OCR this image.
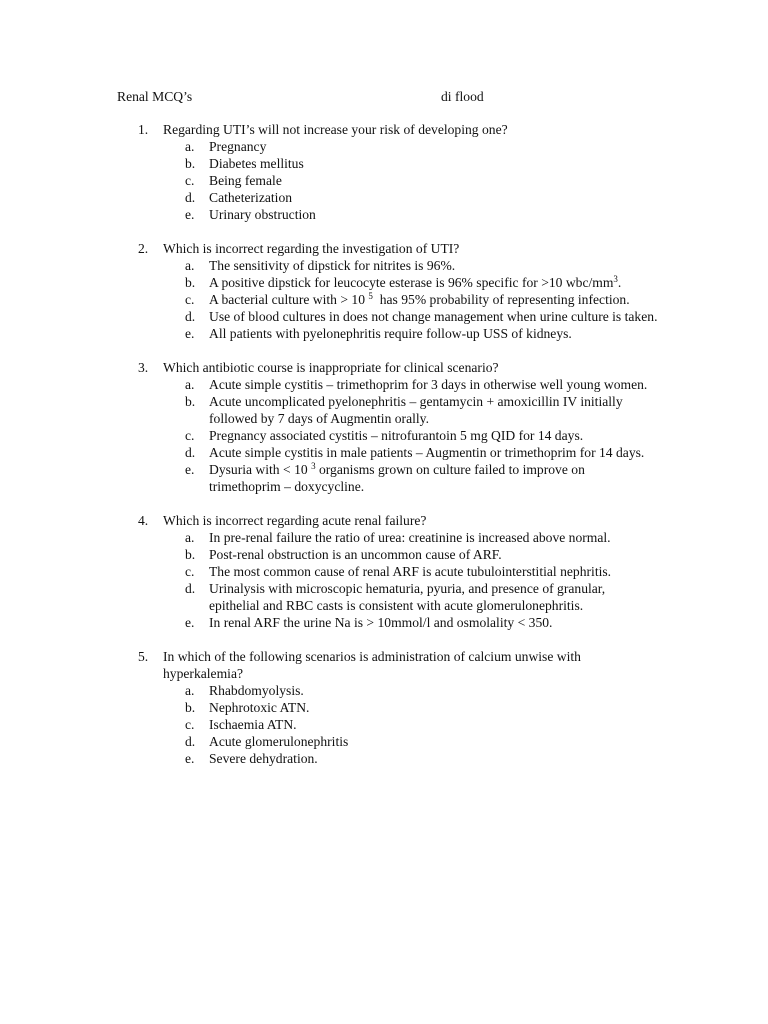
Renal MCQ’s	di flood
1. Regarding UTI’s will not increase your risk of developing one?
a. Pregnancy
b. Diabetes mellitus
c. Being female
d. Catheterization
e. Urinary obstruction
2. Which is incorrect regarding the investigation of UTI?
a. The sensitivity of dipstick for nitrites is 96%.
b. A positive dipstick for leucocyte esterase is 96% specific for >10 wbc/$mm^3$.
c. A bacterial culture with > 10 $^5$  has 95% probability of representing infection.
d. Use of blood cultures in does not change management when urine culture is taken.
e. All patients with pyelonephritis require follow-up USS of kidneys.
3. Which antibiotic course is inappropriate for clinical scenario?
a. Acute simple cystitis – trimethoprim for 3 days in otherwise well young women.
b. Acute uncomplicated pyelonephritis – gentamycin + amoxicillin IV initially followed by 7 days of Augmentin orally.
c. Pregnancy associated cystitis – nitrofurantoin 5 mg QID for 14 days.
d. Acute simple cystitis in male patients – Augmentin or trimethoprim for 14 days.
e. Dysuria with < 10 $^3$ organisms grown on culture failed to improve on trimethoprim – doxycycline.
4. Which is incorrect regarding acute renal failure?
a. In pre-renal failure the ratio of urea: creatinine is increased above normal.
b. Post-renal obstruction is an uncommon cause of ARF.
c. The most common cause of renal ARF is acute tubulointerstitial nephritis.
d. Urinalysis with microscopic hematuria, pyuria, and presence of granular, epithelial and RBC casts is consistent with acute glomerulonephritis.
e. In renal ARF the urine Na is > 10mmol/l and osmolality < 350.
5. In which of the following scenarios is administration of calcium unwise with hyperkalemia?
a. Rhabdomyolysis.
b. Nephrotoxic ATN.
c. Ischaemia ATN.
d. Acute glomerulonephritis
e. Severe dehydration.
